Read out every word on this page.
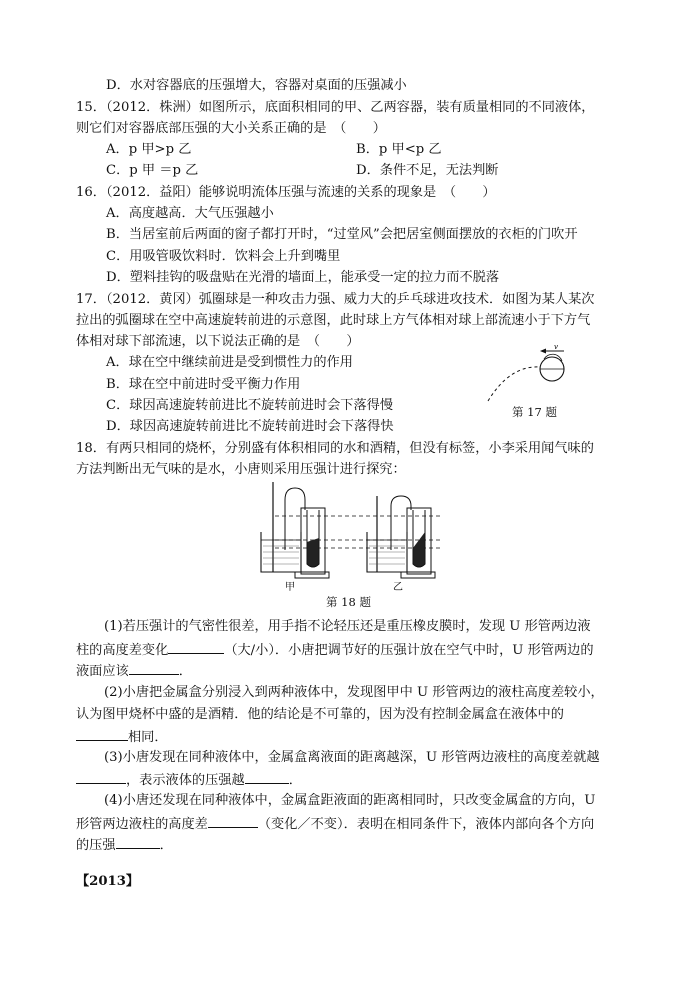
D．水对容器底的压强增大，容器对桌面的压强减小
15．（2012．株洲）如图所示，底面积相同的甲、乙两容器，装有质量相同的不同液体，
则它们对容器底部压强的大小关系正确的是　（　　）
A．p 甲>p 乙	B．p 甲<p 乙
C．p 甲 ＝p 乙	D．条件不足，无法判断
16．（2012．益阳）能够说明流体压强与流速的关系的现象是　（　　）
A．高度越高．大气压强越小
B．当居室前后两面的窗子都打开时，“过堂风”会把居室侧面摆放的衣柜的门吹开
C．用吸管吸饮料时．饮料会上升到嘴里
D．塑料挂钩的吸盘贴在光滑的墙面上，能承受一定的拉力而不脱落
17．（2012．黄冈）弧圈球是一种攻击力强、威力大的乒乓球进攻技术．如图为某人某次
拉出的弧圈球在空中高速旋转前进的示意图，此时球上方气体相对球上部流速小于下方气
体相对球下部流速，以下说法正确的是　（　　）
A．球在空中继续前进是受到惯性力的作用
B．球在空中前进时受平衡力作用
C．球因高速旋转前进比不旋转前进时会下落得慢
D．球因高速旋转前进比不旋转前进时会下落得快
v
第 17 题
18．有两只相同的烧杯，分别盛有体积相同的水和酒精，但没有标签，小李采用闻气味的
方法判断出无气味的是水，小唐则采用压强计进行探究：
甲	乙
第 18 题
(1)若压强计的气密性很差，用手指不论轻压还是重压橡皮膜时，发现 U 形管两边液
柱的高度差变化	（大/小）．小唐把调节好的压强计放在空气中时，U 形管两边的
液面应该	．
(2)小唐把金属盒分别浸入到两种液体中，发现图甲中 U 形管两边的液柱高度差较小，
认为图甲烧杯中盛的是酒精．他的结论是不可靠的，因为没有控制金属盒在液体中的
相同．
(3)小唐发现在同种液体中，金属盒离液面的距离越深，U 形管两边液柱的高度差就越
，表示液体的压强越	．
(4)小唐还发现在同种液体中，金属盒距液面的距离相同时，只改变金属盒的方向，U
形管两边液柱的高度差	（变化／不变）．表明在相同条件下，液体内部向各个方向
的压强	．
【2013】
